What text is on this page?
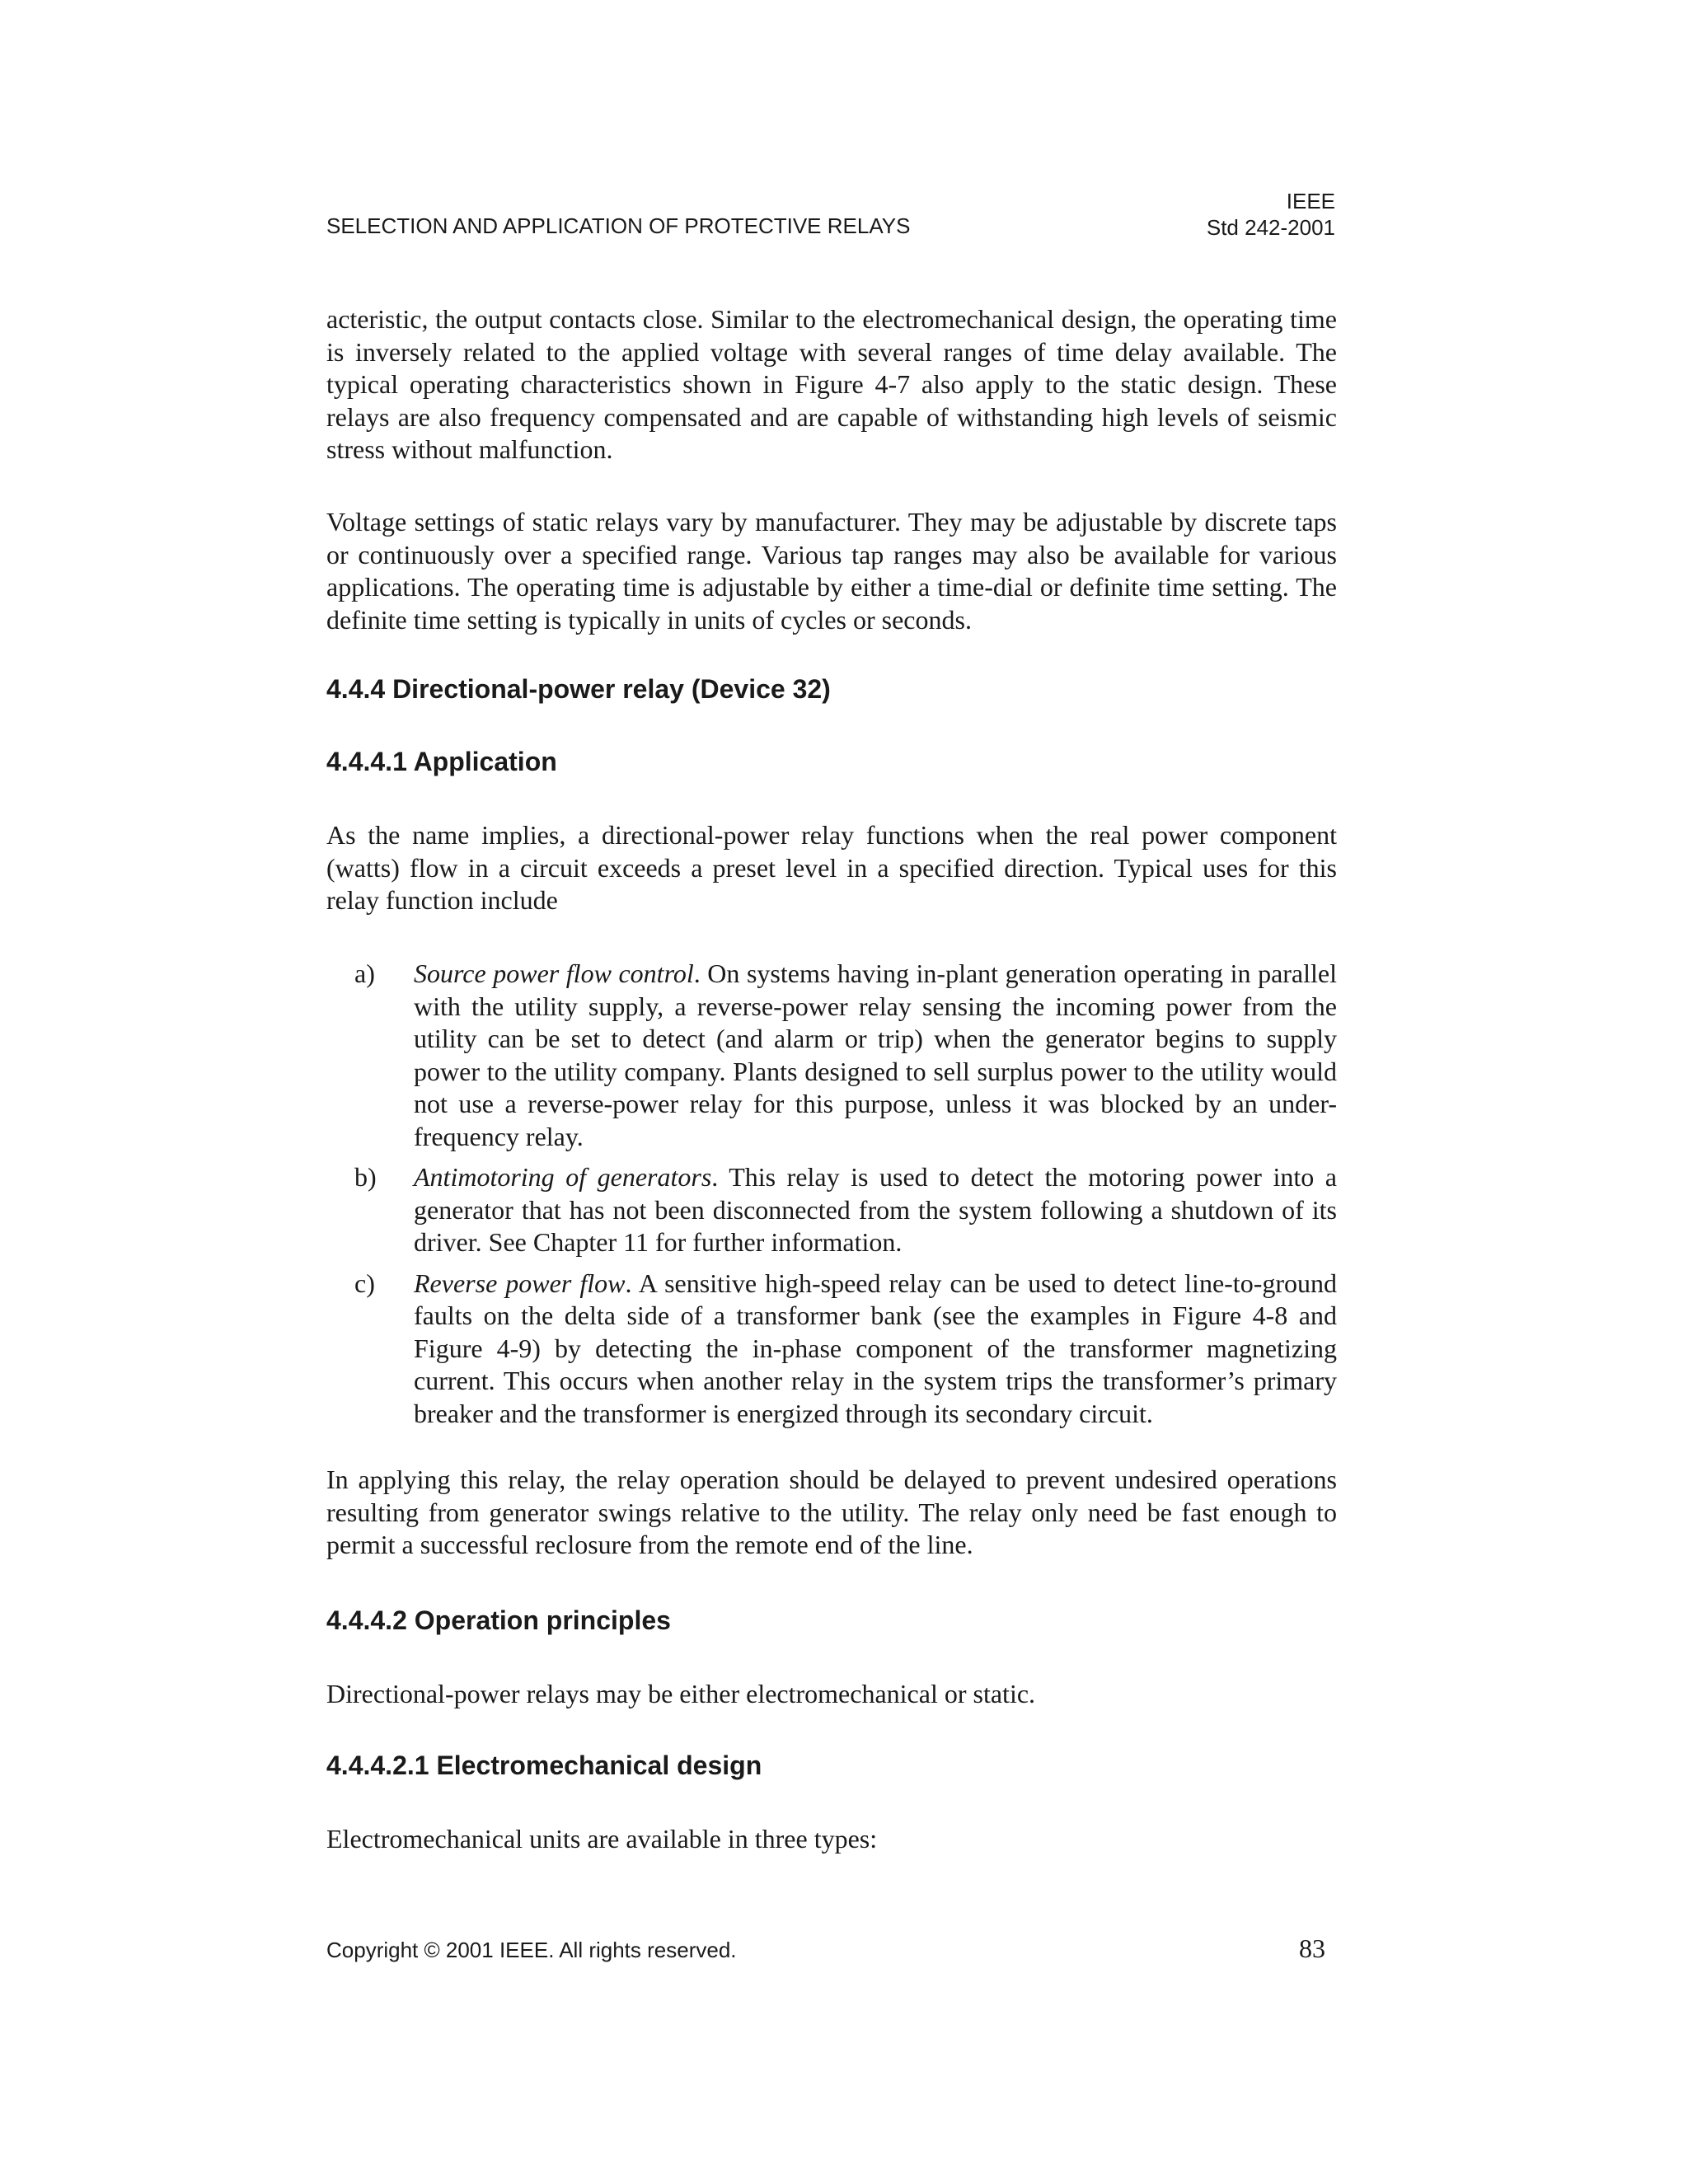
SELECTION AND APPLICATION OF PROTECTIVE RELAYS
IEEE
Std 242-2001

acteristic, the output contacts close. Similar to the electromechanical design, the operating time is inversely related to the applied voltage with several ranges of time delay available. The typical operating characteristics shown in Figure 4-7 also apply to the static design. These relays are also frequency compensated and are capable of withstanding high levels of seismic stress without malfunction.

Voltage settings of static relays vary by manufacturer. They may be adjustable by discrete taps or continuously over a specified range. Various tap ranges may also be available for various applications. The operating time is adjustable by either a time-dial or definite time setting. The definite time setting is typically in units of cycles or seconds.

4.4.4 Directional-power relay (Device 32)
4.4.4.1 Application

As the name implies, a directional-power relay functions when the real power component (watts) flow in a circuit exceeds a preset level in a specified direction. Typical uses for this relay function include

a) Source power flow control. On systems having in-plant generation operating in parallel with the utility supply, a reverse-power relay sensing the incoming power from the utility can be set to detect (and alarm or trip) when the generator begins to supply power to the utility company. Plants designed to sell surplus power to the utility would not use a reverse-power relay for this purpose, unless it was blocked by an under-frequency relay.
b) Antimotoring of generators. This relay is used to detect the motoring power into a generator that has not been disconnected from the system following a shutdown of its driver. See Chapter 11 for further information.
c) Reverse power flow. A sensitive high-speed relay can be used to detect line-to-ground faults on the delta side of a transformer bank (see the examples in Figure 4-8 and Figure 4-9) by detecting the in-phase component of the transformer magnetizing current. This occurs when another relay in the system trips the transformer’s primary breaker and the transformer is energized through its secondary circuit.

In applying this relay, the relay operation should be delayed to prevent undesired operations resulting from generator swings relative to the utility. The relay only need be fast enough to permit a successful reclosure from the remote end of the line.

4.4.4.2 Operation principles

Directional-power relays may be either electromechanical or static.

4.4.4.2.1 Electromechanical design

Electromechanical units are available in three types:

Copyright © 2001 IEEE. All rights reserved.	83
